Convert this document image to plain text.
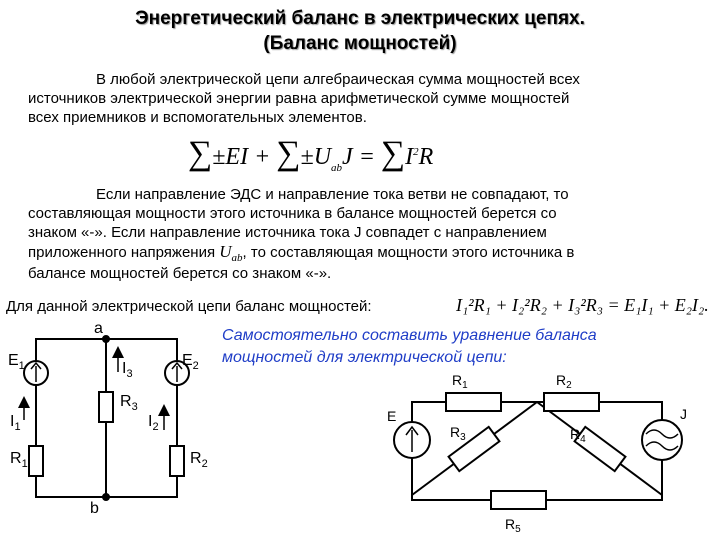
Энергетический баланс в электрических цепях.
(Баланс мощностей)
В любой электрической цепи алгебраическая сумма мощностей всех
источников электрической энергии равна арифметической сумме мощностей
всех приемников и вспомогательных элементов.
$\sum\pm EI + \sum\pm U_{ab}J = \sum I^2R$
Если направление ЭДС и направление тока ветви не совпадают, то
составляющая мощности этого источника в балансе мощностей берется со
знаком «-». Если направление источника тока J совпадет с направлением
приложенного напряжения $U_{ab}$, то составляющая мощности этого источника в
балансе мощностей берется со знаком «-».
Для данной электрической цепи баланс мощностей:	I₁²R₁ + I₂²R₂ + I₃²R₃ = E₁I₁ + E₂I₂.
Самостоятельно составить уравнение баланса
мощностей для электрической цепи:
a
b
$E_1$	$E_2$
$I_3$
$R_3$
$I_1$	$I_2$
$R_1$	$R_2$
E	J
$R_1$	$R_2$
$R_3$	$R_4$
$R_5$
